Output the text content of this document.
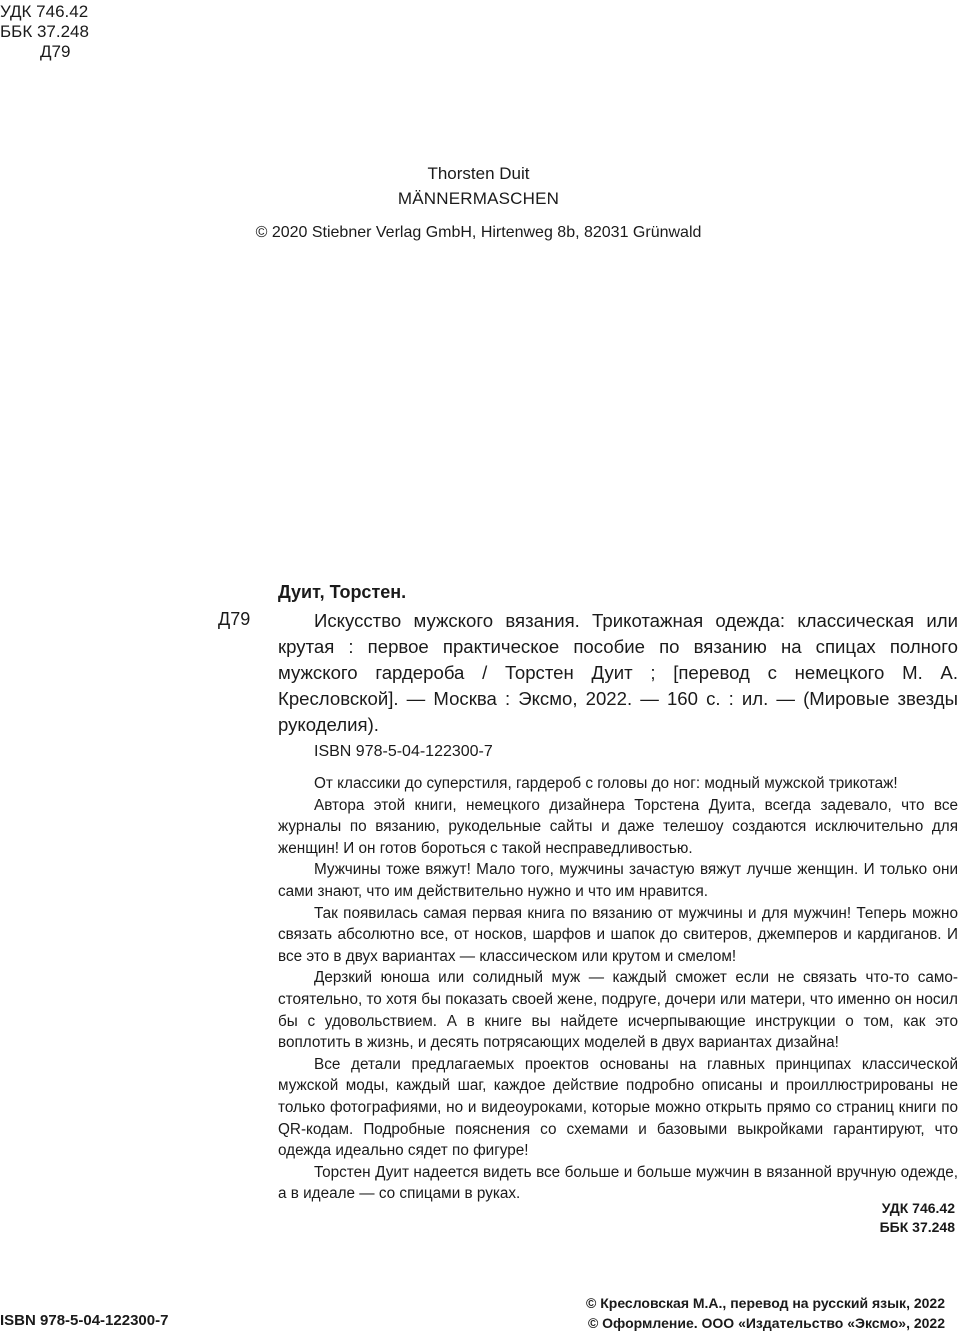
УДК 746.42
ББК 37.248
Д79
Thorsten Duit
MÄNNERMASCHEN
© 2020 Stiebner Verlag GmbH, Hirtenweg 8b, 82031 Grünwald
Дуит, Торстен.
Д79	Искусство мужского вязания. Трикотажная одежда: классическая или крутая : первое практическое пособие по вязанию на спицах полного мужского гардероба / Торстен Дуит ; [перевод с немецкого М. А. Кресловской]. — Москва : Эксмо, 2022. — 160 с. : ил. — (Мировые звезды рукоделия).

ISBN 978-5-04-122300-7

От классики до суперстиля, гардероб с головы до ног: модный мужской трикотаж!

Автора этой книги, немецкого дизайнера Торстена Дуита, всегда задевало, что все журналы по вязанию, рукодельные сайты и даже телешоу создаются исключительно для женщин! И он готов бороться с такой несправедливостью.

Мужчины тоже вяжут! Мало того, мужчины зачастую вяжут лучше женщин. И только они сами знают, что им действительно нужно и что им нравится.

Так появилась самая первая книга по вязанию от мужчины и для мужчин! Теперь можно связать абсолютно все, от носков, шарфов и шапок до свитеров, джемперов и кардиганов. И все это в двух вариантах — классическом или крутом и смелом!

Дерзкий юноша или солидный муж — каждый сможет если не связать что-то самостоятельно, то хотя бы показать своей жене, подруге, дочери или матери, что именно он носил бы с удовольствием. А в книге вы найдете исчерпывающие инструкции о том, как это воплотить в жизнь, и десять потрясающих моделей в двух вариантах дизайна!

Все детали предлагаемых проектов основаны на главных принципах классической мужской моды, каждый шаг, каждое действие подробно описаны и проиллюстрированы не только фотографиями, но и видеоуроками, которые можно открыть прямо со страниц книги по QR-кодам. Подробные пояснения со схемами и базовыми выкройками гарантируют, что одежда идеально сядет по фигуре!

Торстен Дуит надеется видеть все больше и больше мужчин в вязанной вручную одежде, а в идеале — со спицами в руках.

УДК 746.42
ББК 37.248
ISBN 978-5-04-122300-7
© Кресловская М.А., перевод на русский язык, 2022
© Оформление. ООО «Издательство «Эксмо», 2022
